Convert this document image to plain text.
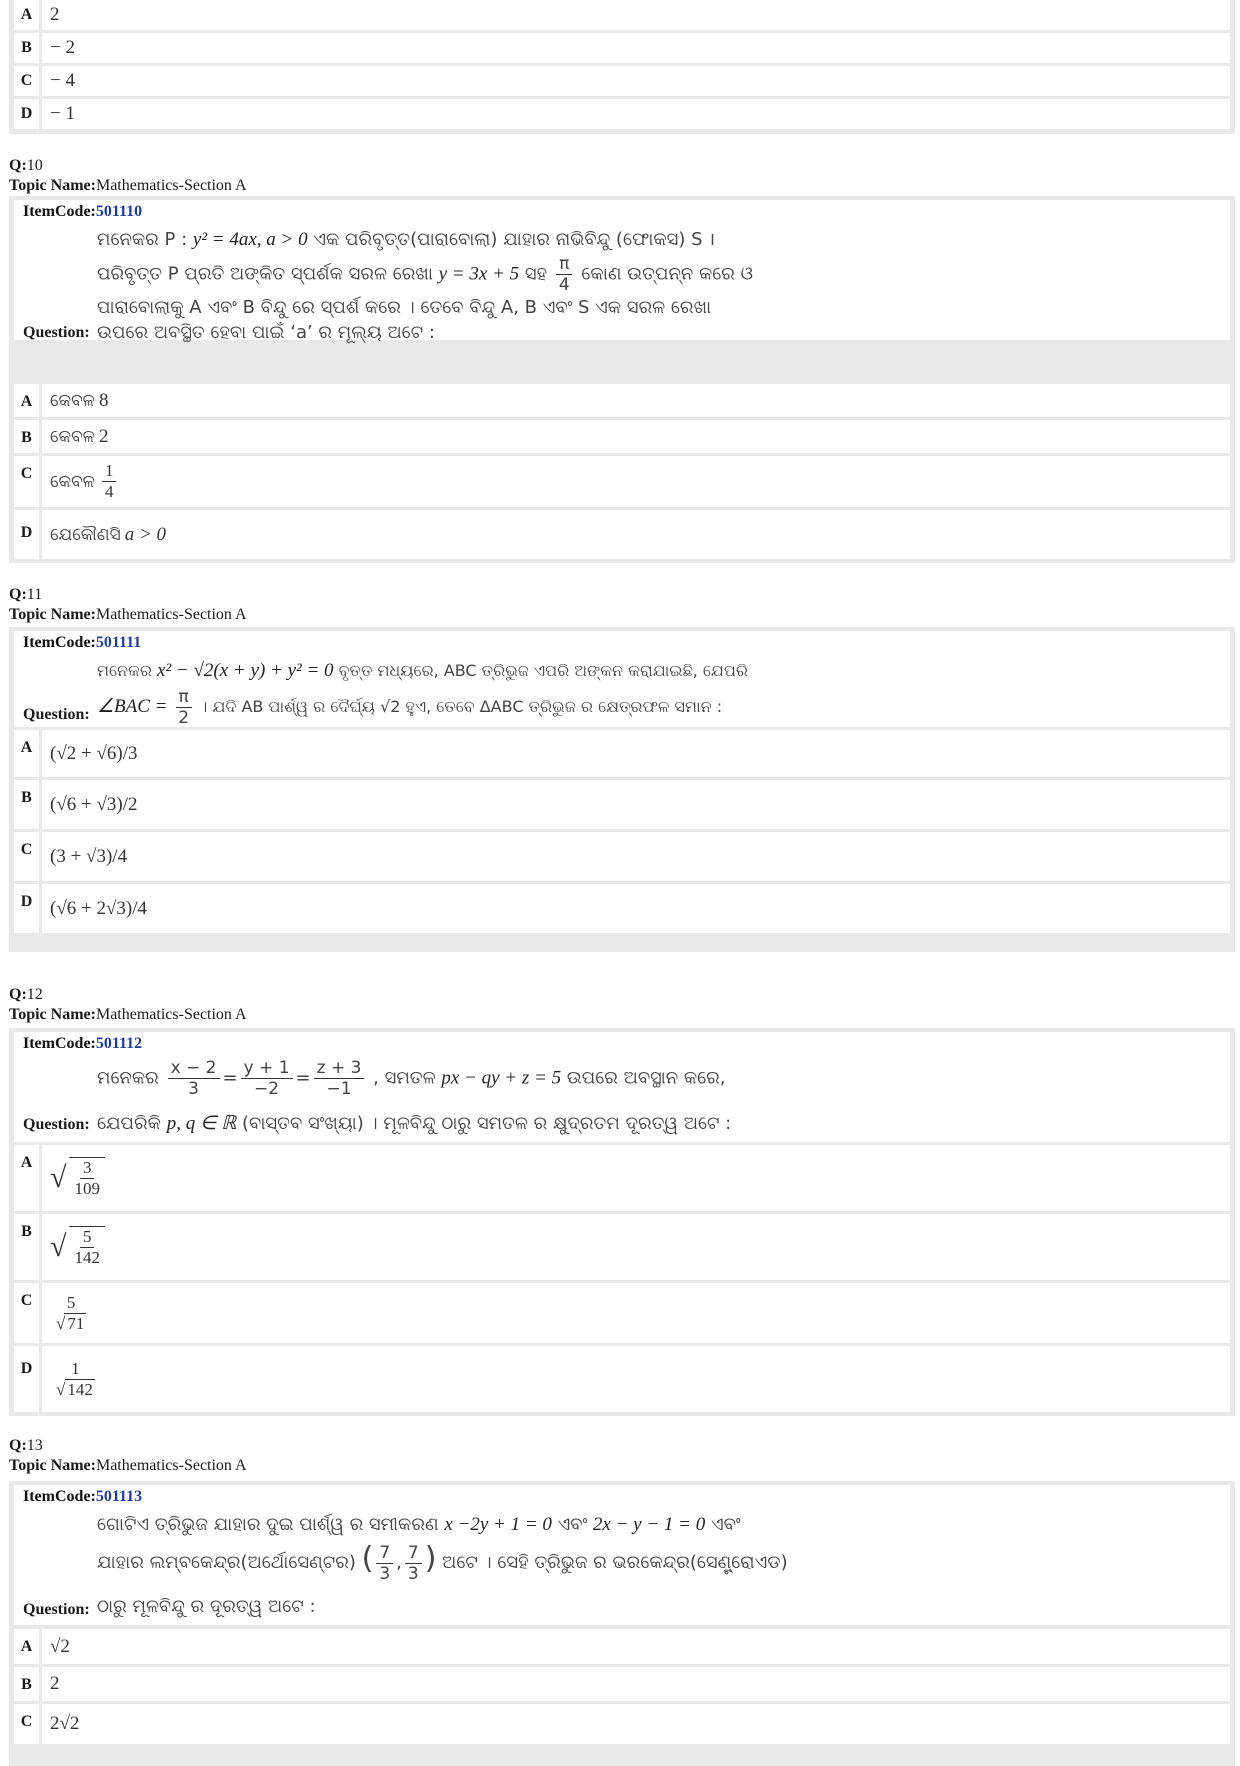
A 2
B − 2
C − 4
D − 1
Q:10
Topic Name:Mathematics-Section A
ItemCode:501110
ମନେକର P : y² = 4ax, a > 0 ଏକ ପରିବୃତ୍ତ(ପାରାବୋଲା) ଯାହାର ନାଭିବିନ୍ଦୁ (ଫୋକସ) S ।
ପରିବୃତ୍ତ P ପ୍ରତି ଅଙ୍କିତ ସ୍ପର୍ଶକ ସରଳ ରେଖା y = 3x + 5 ସହ $\frac{\pi}{4}$ କୋଣ ଉତ୍ପନ୍ନ କରେ ଓ
ପାରାବୋଲାକୁ A ଏବଂ B ବିନ୍ଦୁ ରେ ସ୍ପର୍ଶ କରେ । ତେବେ ବିନ୍ଦୁ A, B ଏବଂ S ଏକ ସରଳ ରେଖା
ଉପରେ ଅବସ୍ଥିତ ହେବା ପାଇଁ ‘a’ ର ମୂଲ୍ୟ ଅଟେ :
Question:
A	କେବଳ 8
B	କେବଳ 2
C	କେବଳ $\frac{1}{4}$
D	ଯେକୌଣସି a > 0
Q:11
Topic Name:Mathematics-Section A
ItemCode:501111
ମନେକର x² − √2(x + y) + y² = 0 ବୃତ୍ତ ମଧ୍ୟରେ, ABC ତ୍ରିଭୁଜ ଏପରି ଅଙ୍କନ କରାଯାଇଛି, ଯେପରି
∠BAC = $\frac{\pi}{2}$ । ଯଦି AB ପାର୍ଶ୍ୱ ର ଦୈର୍ଘ୍ୟ √2 ହୁଏ, ତେବେ ΔABC ତ୍ରିଭୁଜ ର କ୍ଷେତ୍ରଫଳ ସମାନ :
Question:
A (√2 + √6)/3
B (√6 + √3)/2
C (3 + √3)/4
D (√6 + 2√3)/4
Q:12
Topic Name:Mathematics-Section A
ItemCode:501112
ମନେକର $\frac{x - 2}{3} = \frac{y + 1}{-2} = \frac{z + 3}{-1}$ , ସମତଳ px − qy + z = 5 ଉପରେ ଅବସ୍ଥାନ କରେ,
ଯେପରିକି p, q ∈ ℝ (ବାସ୍ତବ ସଂଖ୍ୟା) । ମୂଳବିନ୍ଦୁ ଠାରୁ ସମତଳ ର କ୍ଷୁଦ୍ରତମ ଦୂରତ୍ୱ ଅଟେ :
Question:
A √ $\frac{3}{109}$
B √ $\frac{5}{142}$
C	$\frac{5}{√ 71}$
D	$\frac{1}{√ 142}$
Q:13
Topic Name:Mathematics-Section A
ItemCode:501113
ଗୋଟିଏ ତ୍ରିଭୁଜ ଯାହାର ଦୁଇ ପାର୍ଶ୍ୱ ର ସମୀକରଣ x −2y + 1 = 0 ଏବଂ 2x − y − 1 = 0 ଏବଂ
ଯାହାର ଲମ୍ବକେନ୍ଦ୍ର(ଅର୍ଥୋସେଣ୍ଟର) ( $\frac{7}{3}$ , $\frac{7}{3}$ ) ଅଟେ । ସେହି ତ୍ରିଭୁଜ ର ଭରକେନ୍ଦ୍ର(ସେଣ୍ଟ୍ରୋଏଡ)
ଠାରୁ ମୂଳବିନ୍ଦୁ ର ଦୂରତ୍ୱ ଅଟେ :
Question:
A √2
B 2
C 2√2
